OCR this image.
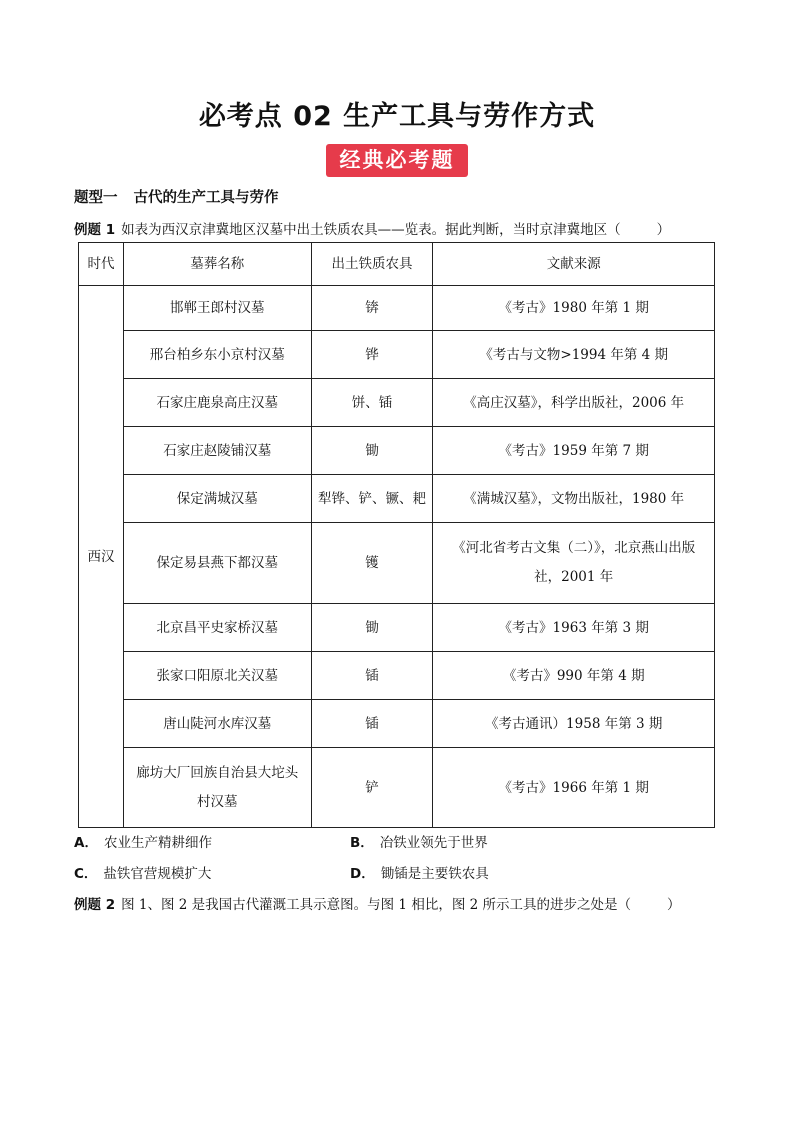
必考点 02 生产工具与劳作方式
经典必考题
题型一 古代的生产工具与劳作
例题 1 如表为西汉京津冀地区汉墓中出土铁质农具——览表。据此判断，当时京津冀地区（	）
时代	墓葬名称	出土铁质农具	文献来源
西汉	邯郸王郎村汉墓	锛	《考古》1980 年第 1 期
	邢台柏乡东小京村汉墓	铧	《考古与文物>1994 年第 4 期
	石家庄鹿泉高庄汉墓	饼、锸	《高庄汉墓》，科学出版社，2006 年
	石家庄赵陵铺汉墓	锄	《考古》1959 年第 7 期
	保定满城汉墓	犁铧、铲、镢、耙	《满城汉墓》，文物出版社，1980 年
	保定易县燕下都汉墓	镬	《河北省考古文集（二）》，北京燕山出版社，2001 年
	北京昌平史家桥汉墓	锄	《考古》1963 年第 3 期
	张家口阳原北关汉墓	锸	《考古》990 年第 4 期
	唐山陡河水库汉墓	锸	《考古通讯）1958 年第 3 期
	廊坊大厂回族自治县大坨头村汉墓	铲	《考古》1966 年第 1 期
A． 农业生产精耕细作	B． 冶铁业领先于世界
C． 盐铁官营规模扩大	D． 锄锸是主要铁农具
例题 2 图 1、图 2 是我国古代灌溉工具示意图。与图 1 相比，图 2 所示工具的进步之处是（	）
